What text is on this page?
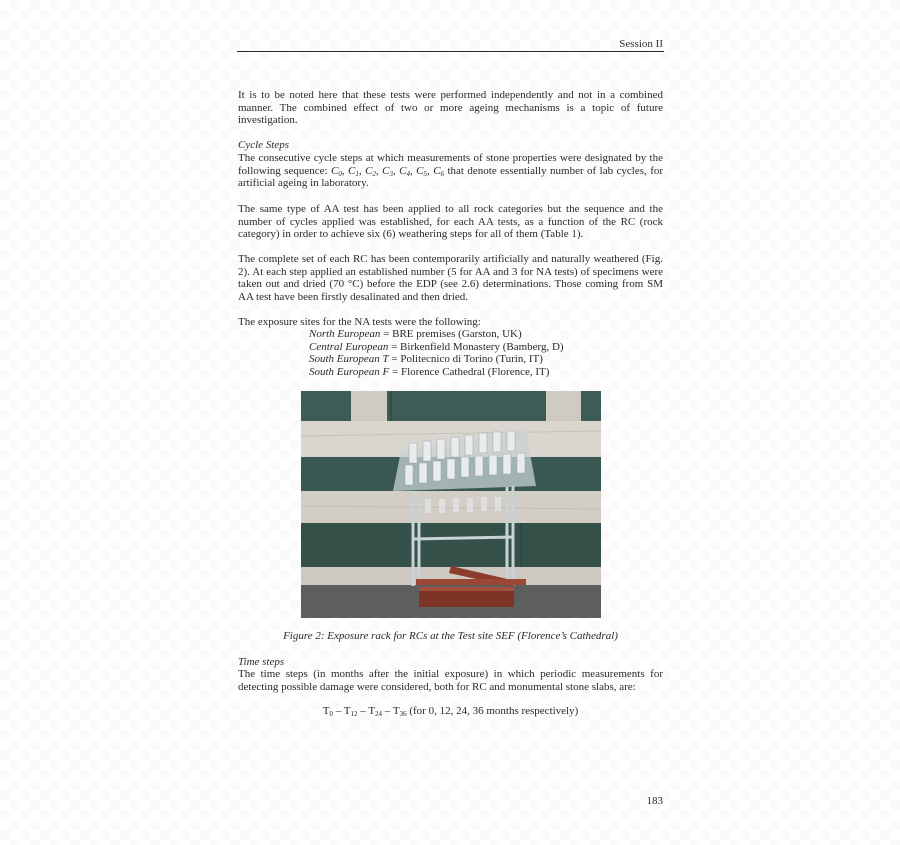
Session II
It is to be noted here that these tests were performed independently and not in a combined manner. The combined effect of two or more ageing mechanisms is a topic of future investigation.
Cycle Steps
The consecutive cycle steps at which measurements of stone properties were designated by the following sequence: $C_0$, $C_1$, $C_2$, $C_3$, $C_4$, $C_5$, $C_6$ that denote essentially number of lab cycles, for artificial ageing in laboratory.
The same type of AA test has been applied to all rock categories but the sequence and the number of cycles applied was established, for each AA tests, as a function of the RC (rock category) in order to achieve six (6) weathering steps for all of them (Table 1).
The complete set of each RC has been contemporarily artificially and naturally weathered (Fig. 2). At each step applied an established number (5 for AA and 3 for NA tests) of specimens were taken out and dried (70 °C) before the EDP (see 2.6) determinations. Those coming from SM AA test have been firstly desalinated and then dried.
The exposure sites for the NA tests were the following:
North European = BRE premises (Garston, UK)
Central European = Birkenfield Monastery (Bamberg, D)
South European T = Politecnico di Torino (Turin, IT)
South European F = Florence Cathedral (Florence, IT)
Figure 2: Exposure rack for RCs at the Test site SEF (Florence’s Cathedral)
Time steps
The time steps (in months after the initial exposure) in which periodic measurements for detecting possible damage were considered, both for RC and monumental stone slabs, are:
$T_0 - T_{12} - T_{24} - T_{36}$ (for 0, 12, 24, 36 months respectively)
183
